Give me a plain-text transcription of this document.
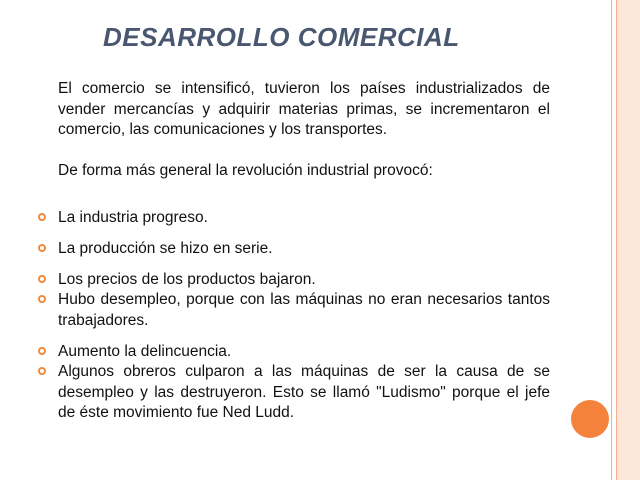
DESARROLLO COMERCIAL

El comercio se intensificó, tuvieron los países industrializados de vender mercancías y adquirir materias primas, se incrementaron el comercio, las comunicaciones y los transportes.

De forma más general la revolución industrial provocó:

La industria progreso.

La producción se hizo en serie.

Los precios de los productos bajaron.

Hubo desempleo, porque con las máquinas no eran necesarios tantos trabajadores.

Aumento la delincuencia.

Algunos obreros culparon a las máquinas de ser la causa de se desempleo y las destruyeron. Esto se llamó "Ludismo" porque el jefe de éste movimiento fue Ned Ludd.
